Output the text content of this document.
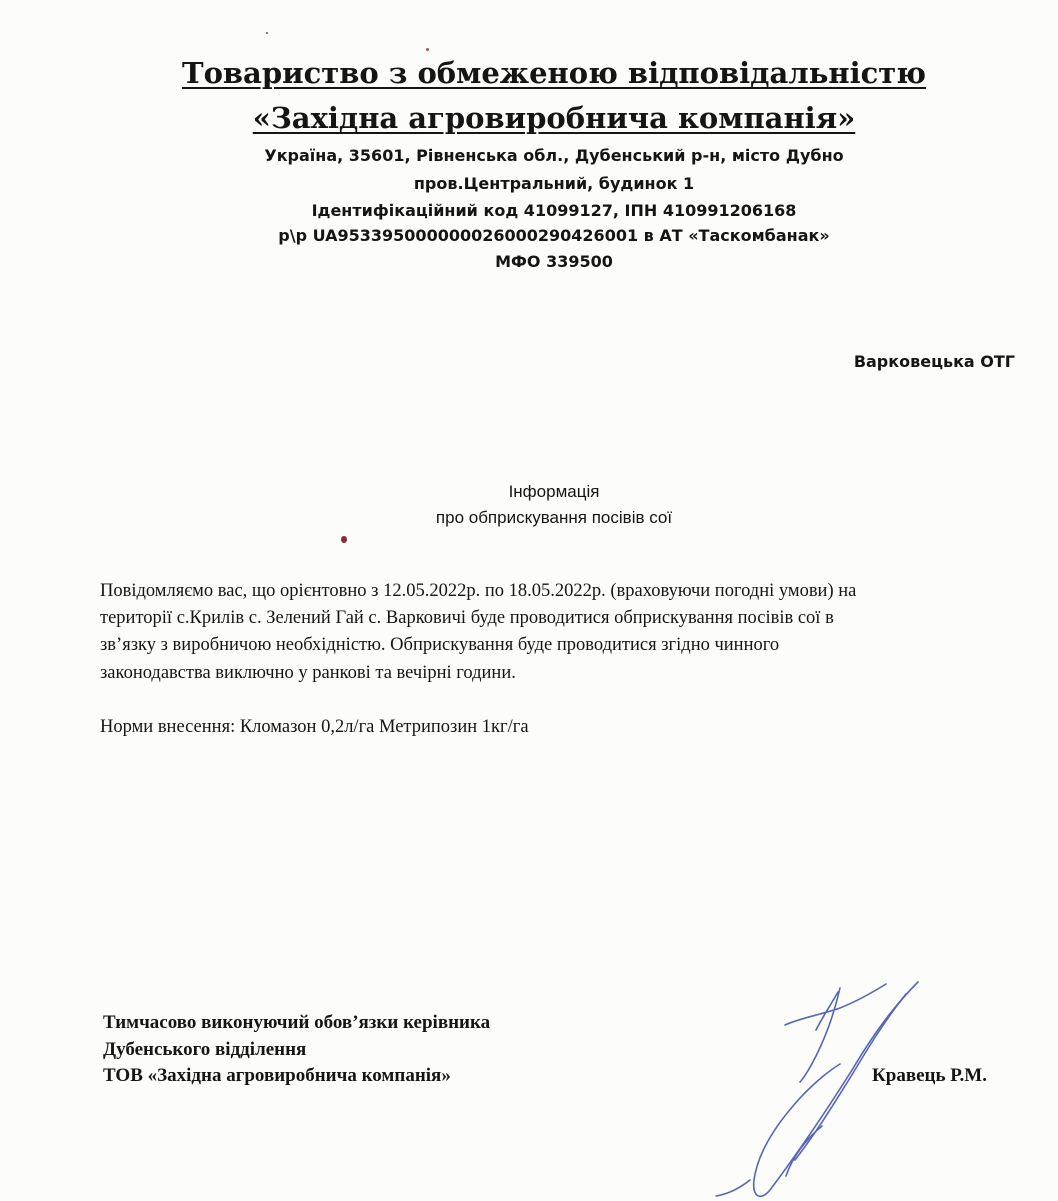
Товариство з обмеженою відповідальністю
«Західна агровиробнича компанія»
Україна, 35601, Рівненська обл., Дубенський р-н, місто Дубно
пров.Центральний, будинок 1
Ідентифікаційний код 41099127, ІПН 410991206168
р\р UA953395000000026000290426001 в АТ «Таскомбанак»
МФО 339500
Варковецька ОТГ
Інформація
про обприскування посівів сої
Повідомляємо вас, що орієнтовно з 12.05.2022р. по 18.05.2022р. (враховуючи погодні умови) на
території с.Крилів с. Зелений Гай с. Варковичі буде проводитися обприскування посівів сої в
зв’язку з виробничою необхідністю. Обприскування буде проводитися згідно чинного
законодавства виключно у ранкові та вечірні години.
Норми внесення: Кломазон 0,2л/га Метрипозин 1кг/га
Тимчасово виконуючий обов’язки керівника
Дубенського відділення
ТОВ «Західна агровиробнича компанія»	Кравець Р.М.
